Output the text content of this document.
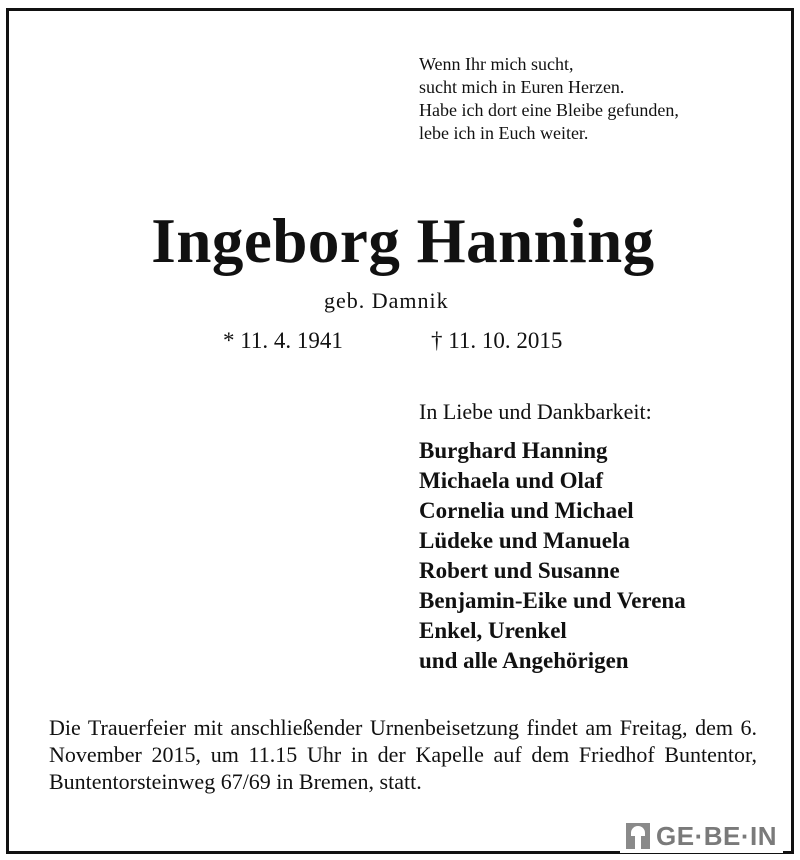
Wenn Ihr mich sucht,
sucht mich in Euren Herzen.
Habe ich dort eine Bleibe gefunden,
lebe ich in Euch weiter.
Ingeborg Hanning
geb. Damnik
* 11. 4. 1941	† 11. 10. 2015
In Liebe und Dankbarkeit:
Burghard Hanning
Michaela und Olaf
Cornelia und Michael
Lüdeke und Manuela
Robert und Susanne
Benjamin-Eike und Verena
Enkel, Urenkel
und alle Angehörigen

Die Trauerfeier mit anschließender Urnenbeisetzung findet am Freitag, dem 6. November 2015, um 11.15 Uhr in der Kapelle auf dem Friedhof Buntentor, Buntentorsteinweg 67/69 in Bremen, statt.

GE·BE·IN
